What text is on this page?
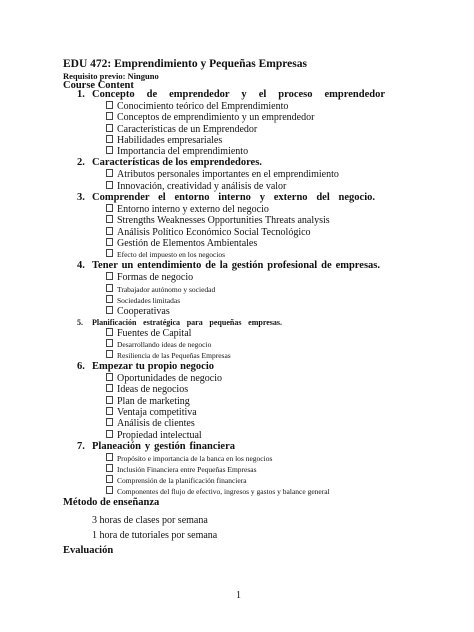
EDU 472: Emprendimiento y Pequeñas Empresas
Requisito previo: Ninguno
Course Content
1. Concepto de emprendedor y el proceso emprendedor
Conocimiento teórico del Emprendimiento
Conceptos de emprendimiento y un emprendedor
Características de un Emprendedor
Habilidades empresariales
Importancia del emprendimiento
2. Características de los emprendedores.
Atributos personales importantes en el emprendimiento
Innovación, creatividad y análisis de valor
3. Comprender el entorno interno y externo del negocio.
Entorno interno y externo del negocio
Strengths Weaknesses Opportunities Threats analysis
Análisis Político Económico Social Tecnológico
Gestión de Elementos Ambientales
Efecto del impuesto en los negocios
4. Tener un entendimiento de la gestión profesional de empresas.
Formas de negocio
Trabajador autónomo y sociedad
Sociedades limitadas
Cooperativas
5. Planificación estratégica para pequeñas empresas.
Fuentes de Capital
Desarrollando ideas de negocio
Resiliencia de las Pequeñas Empresas
6. Empezar tu propio negocio
Oportunidades de negocio
Ideas de negocios
Plan de marketing
Ventaja competitiva
Análisis de clientes
Propiedad intelectual
7. Planeación y gestión financiera
Propósito e importancia de la banca en los negocios
Inclusión Financiera entre Pequeñas Empresas
Comprensión de la planificación financiera
Componentes del flujo de efectivo, ingresos y gastos y balance general
Método de enseñanza
3 horas de clases por semana
1 hora de tutoriales por semana
Evaluación
1
